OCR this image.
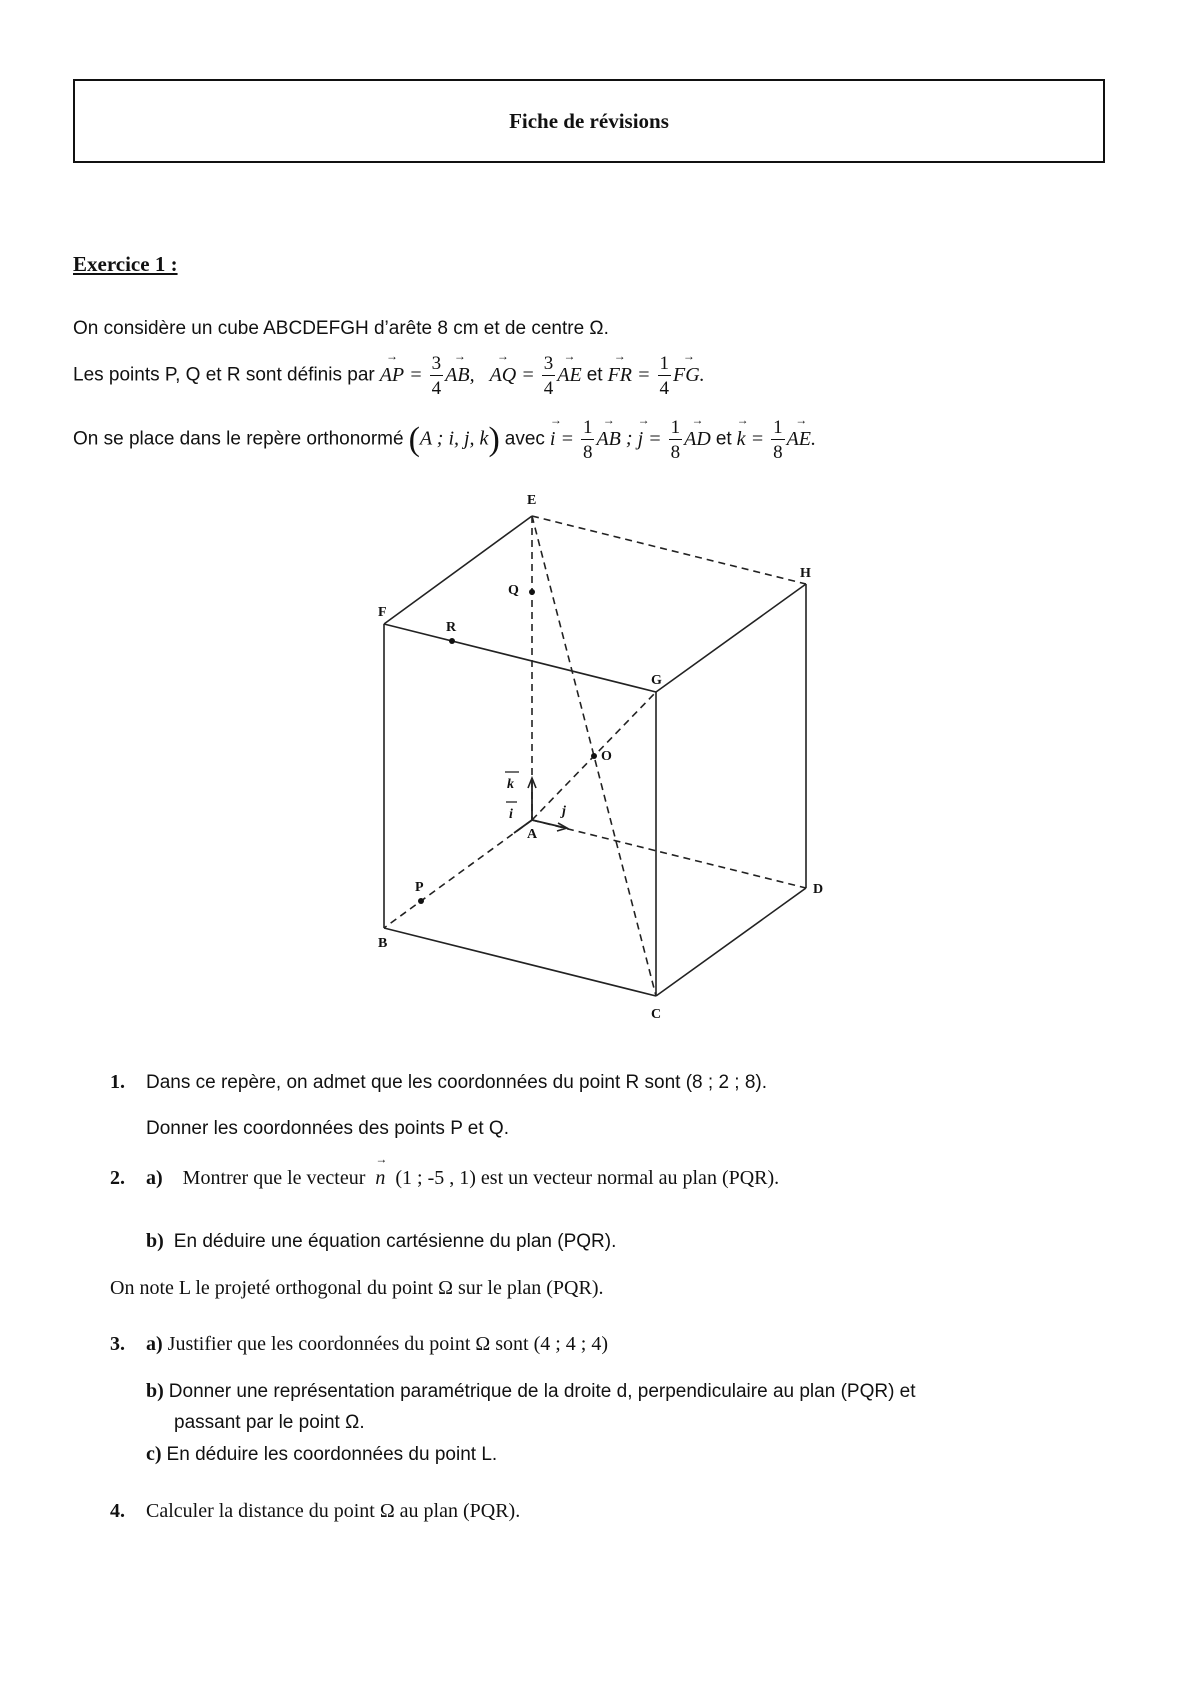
Fiche de révisions
Exercice 1 :
On considère un cube ABCDEFGH d’arête 8 cm et de centre Ω.
Les points P, Q et R sont définis par → AP = $\frac{3}{4}$ → AB, → AQ = $\frac{3}{4}$ → AE et → FR = $\frac{1}{4}$ → FG.
On se place dans le repère orthonormé (A ; i, j, k) avec → $i = \frac{1}{8}$ → AB ; → $j = \frac{1}{8}$ → AD et → $k = \frac{1}{8}$ → AE.
E
H
F
G
Q
R
O
A
B
C
D
P
k
i	j
1. Dans ce repère, on admet que les coordonnées du point R sont (8 ; 2 ; 8).
Donner les coordonnées des points P et Q.
2. a) Montrer que le vecteur → n (1 ; -5 , 1) est un vecteur normal au plan (PQR).
b) En déduire une équation cartésienne du plan (PQR).
On note L le projeté orthogonal du point Ω sur le plan (PQR).
3. a) Justifier que les coordonnées du point Ω sont (4 ; 4 ; 4)
b) Donner une représentation paramétrique de la droite d, perpendiculaire au plan (PQR) et
passant par le point Ω.
c) En déduire les coordonnées du point L.
4. Calculer la distance du point Ω au plan (PQR).
